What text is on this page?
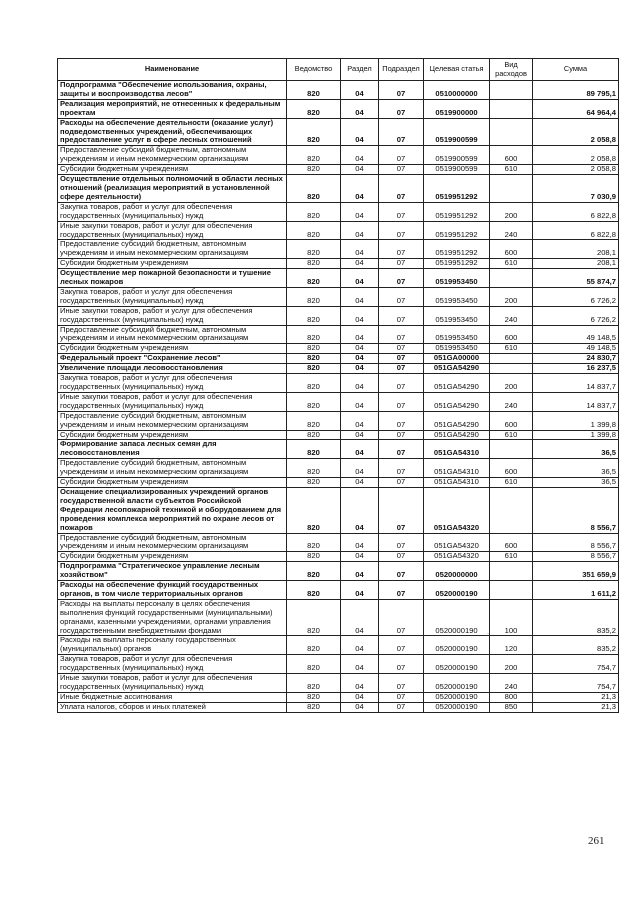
Наименование	Ведомство	Раздел	Подраздел	Целевая статья	Вид расходов	Сумма
Подпрограмма "Обеспечение использования, охраны, защиты и воспроизводства лесов"	820	04	07	0510000000		89 795,1
Реализация мероприятий, не отнесенных к федеральным проектам	820	04	07	0519900000		64 964,4
Расходы на обеспечение деятельности (оказание услуг) подведомственных учреждений, обеспечивающих предоставление услуг в сфере лесных отношений	820	04	07	0519900599		2 058,8
Предоставление субсидий бюджетным, автономным учреждениям и иным некоммерческим организациям	820	04	07	0519900599	600	2 058,8
Субсидии бюджетным учреждениям	820	04	07	0519900599	610	2 058,8
Осуществление отдельных полномочий в области лесных отношений (реализация мероприятий в установленной сфере деятельности)	820	04	07	0519951292		7 030,9
Закупка товаров, работ и услуг для обеспечения государственных (муниципальных) нужд	820	04	07	0519951292	200	6 822,8
Иные закупки товаров, работ и услуг для обеспечения государственных (муниципальных) нужд	820	04	07	0519951292	240	6 822,8
Предоставление субсидий бюджетным, автономным учреждениям и иным некоммерческим организациям	820	04	07	0519951292	600	208,1
Субсидии бюджетным учреждениям	820	04	07	0519951292	610	208,1
Осуществление мер пожарной безопасности и тушение лесных пожаров	820	04	07	0519953450		55 874,7
Закупка товаров, работ и услуг для обеспечения государственных (муниципальных) нужд	820	04	07	0519953450	200	6 726,2
Иные закупки товаров, работ и услуг для обеспечения государственных (муниципальных) нужд	820	04	07	0519953450	240	6 726,2
Предоставление субсидий бюджетным, автономным учреждениям и иным некоммерческим организациям	820	04	07	0519953450	600	49 148,5
Субсидии бюджетным учреждениям	820	04	07	0519953450	610	49 148,5
Федеральный проект "Сохранение лесов"	820	04	07	051GA00000		24 830,7
Увеличение площади лесовосстановления	820	04	07	051GA54290		16 237,5
Закупка товаров, работ и услуг для обеспечения государственных (муниципальных) нужд	820	04	07	051GA54290	200	14 837,7
Иные закупки товаров, работ и услуг для обеспечения государственных (муниципальных) нужд	820	04	07	051GA54290	240	14 837,7
Предоставление субсидий бюджетным, автономным учреждениям и иным некоммерческим организациям	820	04	07	051GA54290	600	1 399,8
Субсидии бюджетным учреждениям	820	04	07	051GA54290	610	1 399,8
Формирование запаса лесных семян для лесовосстановления	820	04	07	051GA54310		36,5
Предоставление субсидий бюджетным, автономным учреждениям и иным некоммерческим организациям	820	04	07	051GA54310	600	36,5
Субсидии бюджетным учреждениям	820	04	07	051GA54310	610	36,5
Оснащение специализированных учреждений органов государственной власти субъектов Российской Федерации лесопожарной техникой и оборудованием для проведения комплекса мероприятий по охране лесов от пожаров	820	04	07	051GA54320		8 556,7
Предоставление субсидий бюджетным, автономным учреждениям и иным некоммерческим организациям	820	04	07	051GA54320	600	8 556,7
Субсидии бюджетным учреждениям	820	04	07	051GA54320	610	8 556,7
Подпрограмма "Стратегическое управление лесным хозяйством"	820	04	07	0520000000		351 659,9
Расходы на обеспечение функций государственных органов, в том числе территориальных органов	820	04	07	0520000190		1 611,2
Расходы на выплаты персоналу в целях обеспечения выполнения функций государственными (муниципальными) органами, казенными учреждениями, органами управления государственными внебюджетными фондами	820	04	07	0520000190	100	835,2
Расходы на выплаты персоналу государственных (муниципальных) органов	820	04	07	0520000190	120	835,2
Закупка товаров, работ и услуг для обеспечения государственных (муниципальных) нужд	820	04	07	0520000190	200	754,7
Иные закупки товаров, работ и услуг для обеспечения государственных (муниципальных) нужд	820	04	07	0520000190	240	754,7
Иные бюджетные ассигнования	820	04	07	0520000190	800	21,3
Уплата налогов, сборов и иных платежей	820	04	07	0520000190	850	21,3
·
261
